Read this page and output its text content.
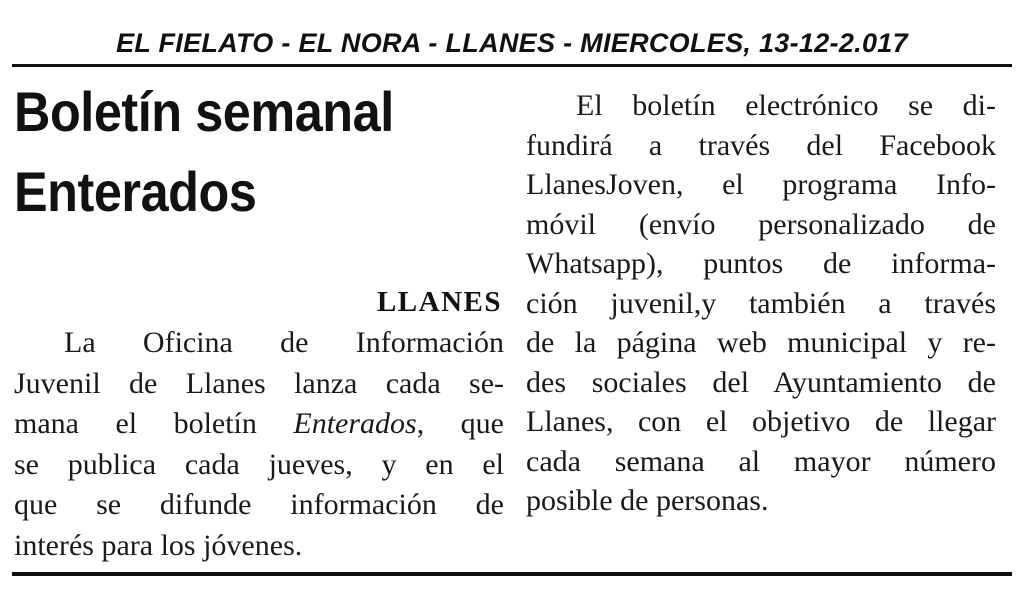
EL FIELATO - EL NORA - LLANES - MIERCOLES, 13-12-2.017
Boletín semanal
Enterados
LLANES
La Oficina de Información
Juvenil de Llanes lanza cada se-
mana el boletín Enterados, que
se publica cada jueves, y en el
que se difunde información de
interés para los jóvenes.
El boletín electrónico se di-
fundirá a través del Facebook
LlanesJoven, el programa Info-
móvil (envío personalizado de
Whatsapp), puntos de informa-
ción juvenil,y también a través
de la página web municipal y re-
des sociales del Ayuntamiento de
Llanes, con el objetivo de llegar
cada semana al mayor número
posible de personas.
